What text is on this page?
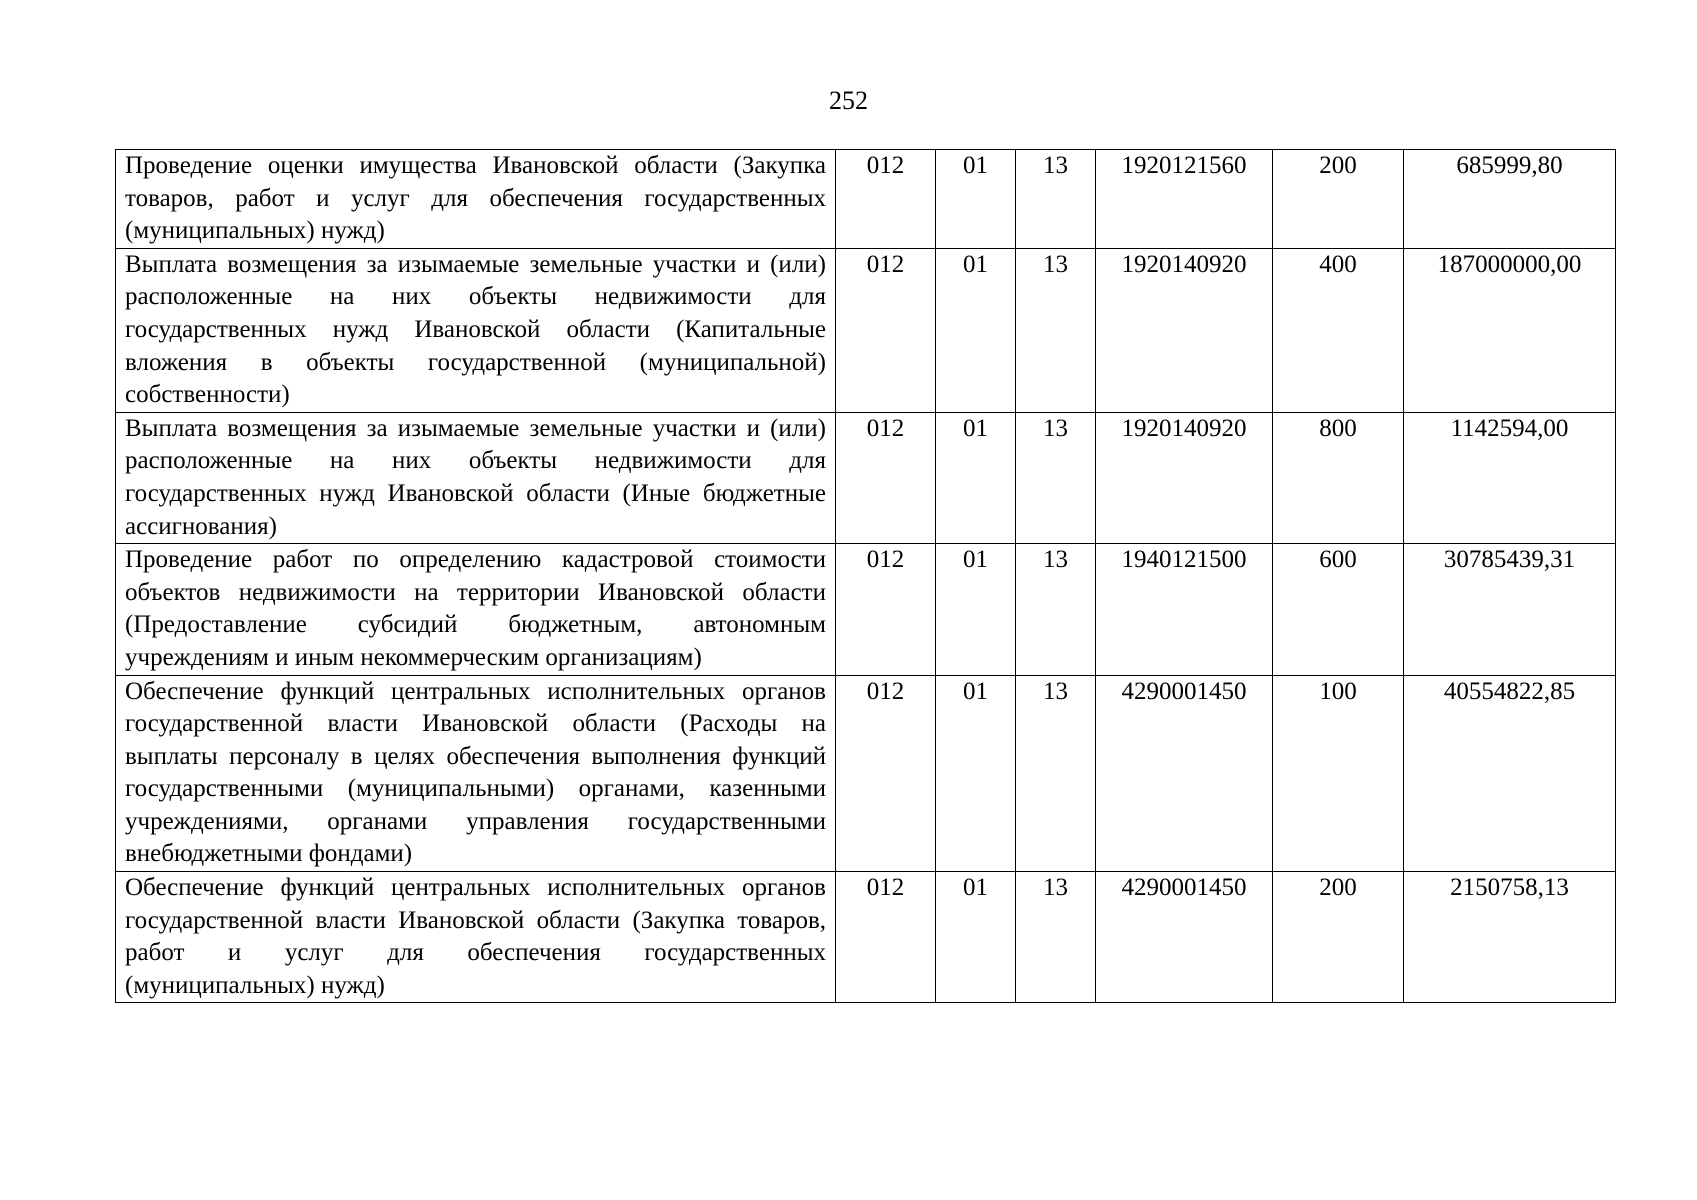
252
Проведение оценки имущества Ивановской области (Закупка товаров, работ и услуг для обеспечения государственных (муниципальных) нужд)	012	01	13	1920121560	200	685999,80
Выплата возмещения за изымаемые земельные участки и (или) расположенные на них объекты недвижимости для государственных нужд Ивановской области (Капитальные вложения в объекты государственной (муниципальной) собственности)	012	01	13	1920140920	400	187000000,00
Выплата возмещения за изымаемые земельные участки и (или) расположенные на них объекты недвижимости для государственных нужд Ивановской области (Иные бюджетные ассигнования)	012	01	13	1920140920	800	1142594,00
Проведение работ по определению кадастровой стоимости объектов недвижимости на территории Ивановской области (Предоставление субсидий бюджетным, автономным учреждениям и иным некоммерческим организациям)	012	01	13	1940121500	600	30785439,31
Обеспечение функций центральных исполнительных органов государственной власти Ивановской области (Расходы на выплаты персоналу в целях обеспечения выполнения функций государственными (муниципальными) органами, казенными учреждениями, органами управления государственными внебюджетными фондами)	012	01	13	4290001450	100	40554822,85
Обеспечение функций центральных исполнительных органов государственной власти Ивановской области (Закупка товаров, работ и услуг для обеспечения государственных (муниципальных) нужд)	012	01	13	4290001450	200	2150758,13
